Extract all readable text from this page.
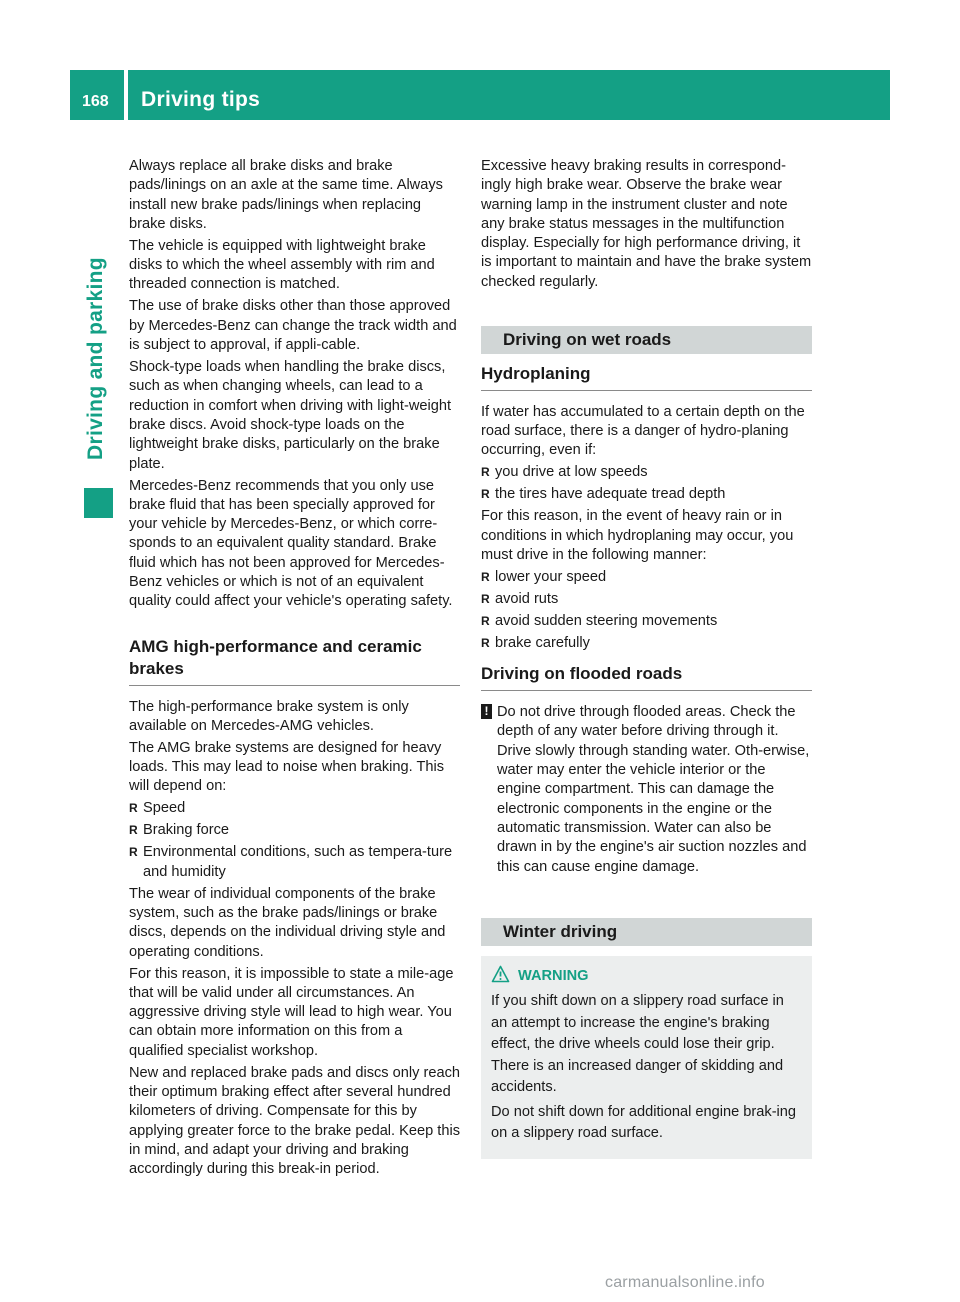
168 Driving tips
Driving and parking

Always replace all brake disks and brake pads/linings on an axle at the same time. Always install new brake pads/linings when replacing brake disks.

The vehicle is equipped with lightweight brake disks to which the wheel assembly with rim and threaded connection is matched.

The use of brake disks other than those approved by Mercedes-Benz can change the track width and is subject to approval, if appli-cable.

Shock-type loads when handling the brake discs, such as when changing wheels, can lead to a reduction in comfort when driving with light-weight brake discs. Avoid shock-type loads on the lightweight brake disks, particularly on the brake plate.

Mercedes-Benz recommends that you only use brake fluid that has been specially approved for your vehicle by Mercedes-Benz, or which corre-sponds to an equivalent quality standard. Brake fluid which has not been approved for Mercedes-Benz vehicles or which is not of an equivalent quality could affect your vehicle's operating safety.

AMG high-performance and ceramic brakes

The high-performance brake system is only available on Mercedes-AMG vehicles.

The AMG brake systems are designed for heavy loads. This may lead to noise when braking. This will depend on:

R Speed
R Braking force
R Environmental conditions, such as tempera-ture and humidity

The wear of individual components of the brake system, such as the brake pads/linings or brake discs, depends on the individual driving style and operating conditions.

For this reason, it is impossible to state a mile-age that will be valid under all circumstances. An aggressive driving style will lead to high wear. You can obtain more information on this from a qualified specialist workshop.

New and replaced brake pads and discs only reach their optimum braking effect after several hundred kilometers of driving. Compensate for this by applying greater force to the brake pedal. Keep this in mind, and adapt your driving and braking accordingly during this break-in period.

Excessive heavy braking results in correspond-ingly high brake wear. Observe the brake wear warning lamp in the instrument cluster and note any brake status messages in the multifunction display. Especially for high performance driving, it is important to maintain and have the brake system checked regularly.

Driving on wet roads
Hydroplaning

If water has accumulated to a certain depth on the road surface, there is a danger of hydro-planing occurring, even if:

R you drive at low speeds
R the tires have adequate tread depth

For this reason, in the event of heavy rain or in conditions in which hydroplaning may occur, you must drive in the following manner:

R lower your speed
R avoid ruts
R avoid sudden steering movements
R brake carefully
Driving on flooded roads
! Do not drive through flooded areas. Check the depth of any water before driving through it. Drive slowly through standing water. Oth-erwise, water may enter the vehicle interior or the engine compartment. This can damage the electronic components in the engine or the automatic transmission. Water can also be drawn in by the engine's air suction nozzles and this can cause engine damage.
Winter driving
WARNING

If you shift down on a slippery road surface in an attempt to increase the engine's braking effect, the drive wheels could lose their grip. There is an increased danger of skidding and accidents.

Do not shift down for additional engine brak-ing on a slippery road surface.

carmanualsonline.info
